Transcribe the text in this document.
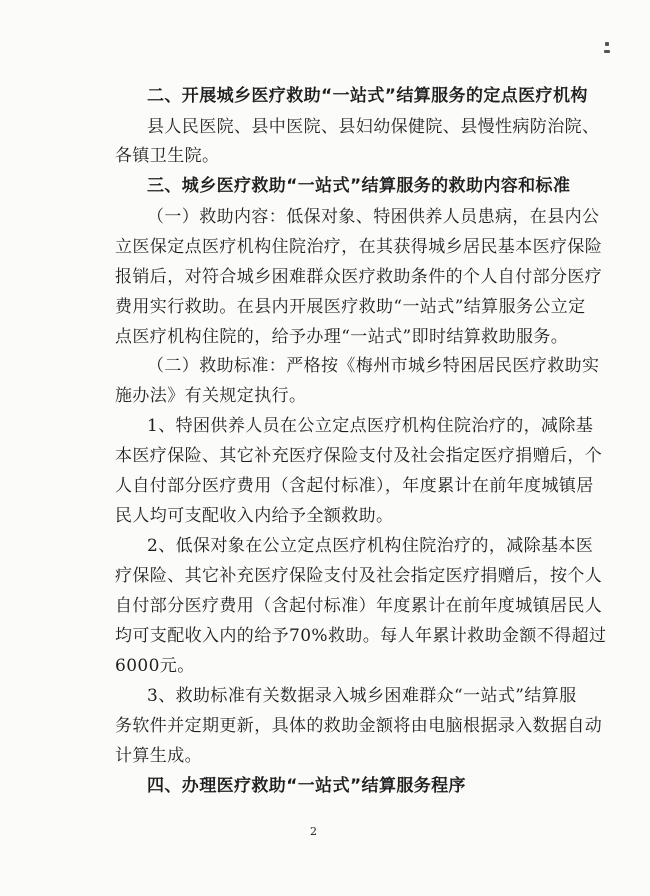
二、开展城乡医疗救助“一站式”结算服务的定点医疗机构
县人民医院、县中医院、县妇幼保健院、县慢性病防治院、
各镇卫生院。
三、城乡医疗救助“一站式”结算服务的救助内容和标准
（一）救助内容：低保对象、特困供养人员患病，在县内公
立医保定点医疗机构住院治疗，在其获得城乡居民基本医疗保险
报销后，对符合城乡困难群众医疗救助条件的个人自付部分医疗
费用实行救助。在县内开展医疗救助“一站式”结算服务公立定
点医疗机构住院的，给予办理“一站式”即时结算救助服务。
（二）救助标准：严格按《梅州市城乡特困居民医疗救助实
施办法》有关规定执行。
1、特困供养人员在公立定点医疗机构住院治疗的，减除基
本医疗保险、其它补充医疗保险支付及社会指定医疗捐赠后，个
人自付部分医疗费用（含起付标准），年度累计在前年度城镇居
民人均可支配收入内给予全额救助。
2、低保对象在公立定点医疗机构住院治疗的，减除基本医
疗保险、其它补充医疗保险支付及社会指定医疗捐赠后，按个人
自付部分医疗费用（含起付标准）年度累计在前年度城镇居民人
均可支配收入内的给予70%救助。每人年累计救助金额不得超过
6000元。
3、救助标准有关数据录入城乡困难群众“一站式”结算服
务软件并定期更新，具体的救助金额将由电脑根据录入数据自动
计算生成。
四、办理医疗救助“一站式”结算服务程序
2
